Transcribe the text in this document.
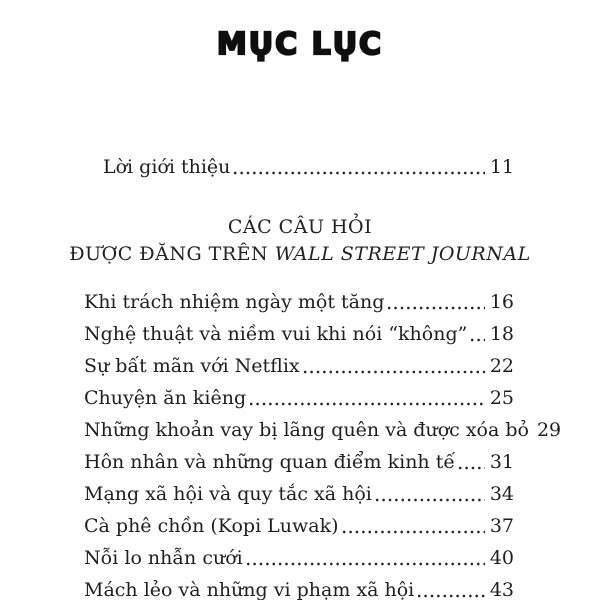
MỤC LỤC
Lời giới thiệu	11
CÁC CÂU HỎI
ĐƯỢC ĐĂNG TRÊN WALL STREET JOURNAL
Khi trách nhiệm ngày một tăng	16
Nghệ thuật và niềm vui khi nói “không” 18
Sự bất mãn với Netflix	22
Chuyện ăn kiêng	25
Những khoản vay bị lãng quên và được xóa bỏ 29
Hôn nhân và những quan điểm kinh tế 31
Mạng xã hội và quy tắc xã hội	34
Cà phê chồn (Kopi Luwak)	37
Nỗi lo nhẫn cưới	40
Mách lẻo và những vi phạm xã hội	43
